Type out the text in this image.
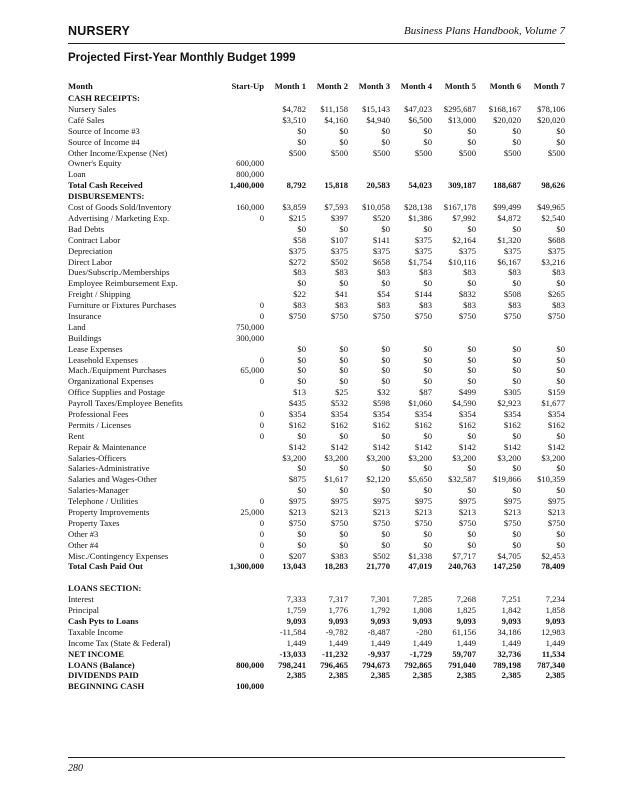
NURSERY	Business Plans Handbook, Volume 7
Projected First-Year Monthly Budget 1999
Month	Start-Up	Month 1	Month 2	Month 3	Month 4	Month 5	Month 6	Month 7
CASH RECEIPTS:								
Nursery Sales		$4,782	$11,158	$15,143	$47,023	$295,687	$168,167	$78,106
Café Sales		$3,510	$4,160	$4,940	$6,500	$13,000	$20,020	$20,020
Source of Income #3		$0	$0	$0	$0	$0	$0	$0
Source of Income #4		$0	$0	$0	$0	$0	$0	$0
Other Income/Expense (Net)		$500	$500	$500	$500	$500	$500	$500
Owner's Equity	600,000							
Loan	800,000							
Total Cash Received	1,400,000	8,792	15,818	20,583	54,023	309,187	188,687	98,626
DISBURSEMENTS:								
Cost of Goods Sold/Inventory	160,000	$3,859	$7,593	$10,058	$28,138	$167,178	$99,499	$49,965
Advertising / Marketing Exp.	0	$215	$397	$520	$1,386	$7,992	$4,872	$2,540
Bad Debts		$0	$0	$0	$0	$0	$0	$0
Contract Labor		$58	$107	$141	$375	$2,164	$1,320	$688
Depreciation		$375	$375	$375	$375	$375	$375	$375
Direct Labor		$272	$502	$658	$1,754	$10,116	$6,167	$3,216
Dues/Subscrip./Memberships		$83	$83	$83	$83	$83	$83	$83
Employee Reimbursement Exp.		$0	$0	$0	$0	$0	$0	$0
Freight / Shipping		$22	$41	$54	$144	$832	$508	$265
Furniture or Fixtures Purchases	0	$83	$83	$83	$83	$83	$83	$83
Insurance	0	$750	$750	$750	$750	$750	$750	$750
Land	750,000							
Buildings	300,000							
Lease Expenses		$0	$0	$0	$0	$0	$0	$0
Leasehold Expenses	0	$0	$0	$0	$0	$0	$0	$0
Mach./Equipment Purchases	65,000	$0	$0	$0	$0	$0	$0	$0
Organizational Expenses	0	$0	$0	$0	$0	$0	$0	$0
Office Supplies and Postage		$13	$25	$32	$87	$499	$305	$159
Payroll Taxes/Employee Benefits		$435	$532	$598	$1,060	$4,590	$2,923	$1,677
Professional Fees	0	$354	$354	$354	$354	$354	$354	$354
Permits / Licenses	0	$162	$162	$162	$162	$162	$162	$162
Rent	0	$0	$0	$0	$0	$0	$0	$0
Repair & Maintenance		$142	$142	$142	$142	$142	$142	$142
Salaries-Officers		$3,200	$3,200	$3,200	$3,200	$3,200	$3,200	$3,200
Salaries-Administrative		$0	$0	$0	$0	$0	$0	$0
Salaries and Wages-Other		$875	$1,617	$2,120	$5,650	$32,587	$19,866	$10,359
Salaries-Manager		$0	$0	$0	$0	$0	$0	$0
Telephone / Utilities	0	$975	$975	$975	$975	$975	$975	$975
Property Improvements	25,000	$213	$213	$213	$213	$213	$213	$213
Property Taxes	0	$750	$750	$750	$750	$750	$750	$750
Other #3	0	$0	$0	$0	$0	$0	$0	$0
Other #4	0	$0	$0	$0	$0	$0	$0	$0
Misc./Contingency Expenses	0	$207	$383	$502	$1,338	$7,717	$4,705	$2,453
Total Cash Paid Out	1,300,000	13,043	18,283	21,770	47,019	240,763	147,250	78,409

LOANS SECTION:								
Interest		7,333	7,317	7,301	7,285	7,268	7,251	7,234
Principal		1,759	1,776	1,792	1,808	1,825	1,842	1,858
Cash Pyts to Loans		9,093	9,093	9,093	9,093	9,093	9,093	9,093
Taxable Income		-11,584	-9,782	-8,487	-280	61,156	34,186	12,983
Income Tax (State & Federal)		1,449	1,449	1,449	1,449	1,449	1,449	1,449
NET INCOME		-13,033	-11,232	-9,937	-1,729	59,707	32,736	11,534
LOANS (Balance)	800,000	798,241	796,465	794,673	792,865	791,040	789,198	787,340
DIVIDENDS PAID		2,385	2,385	2,385	2,385	2,385	2,385	2,385
BEGINNING CASH	100,000							
280
